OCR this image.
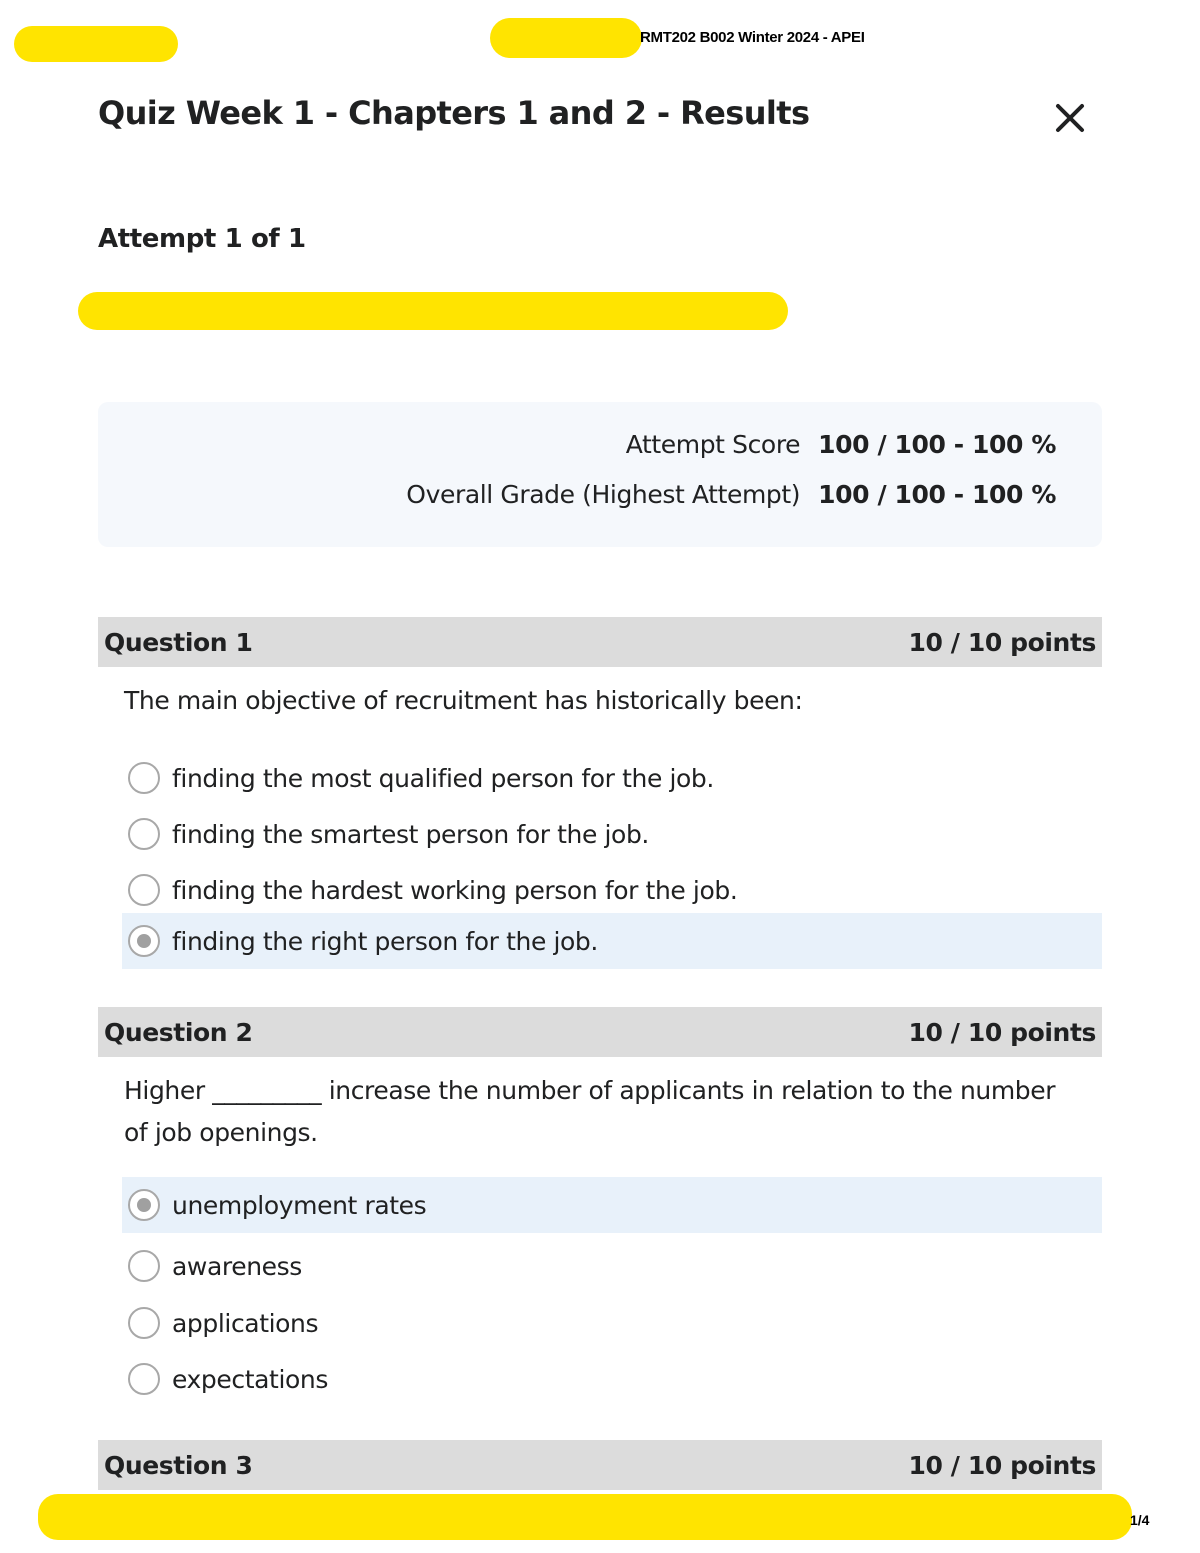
RMT202 B002 Winter 2024 - APEI
Quiz Week 1 - Chapters 1 and 2 - Results
Attempt 1 of 1
Attempt Score 100 / 100 - 100 %
Overall Grade (Highest Attempt) 100 / 100 - 100 %
Question 1	10 / 10 points
The main objective of recruitment has historically been:
finding the most qualified person for the job.
finding the smartest person for the job.
finding the hardest working person for the job.
finding the right person for the job.
Question 2	10 / 10 points
Higher _________ increase the number of applicants in relation to the number of job openings.
unemployment rates
awareness
applications
expectations
Question 3	10 / 10 points
1/4
